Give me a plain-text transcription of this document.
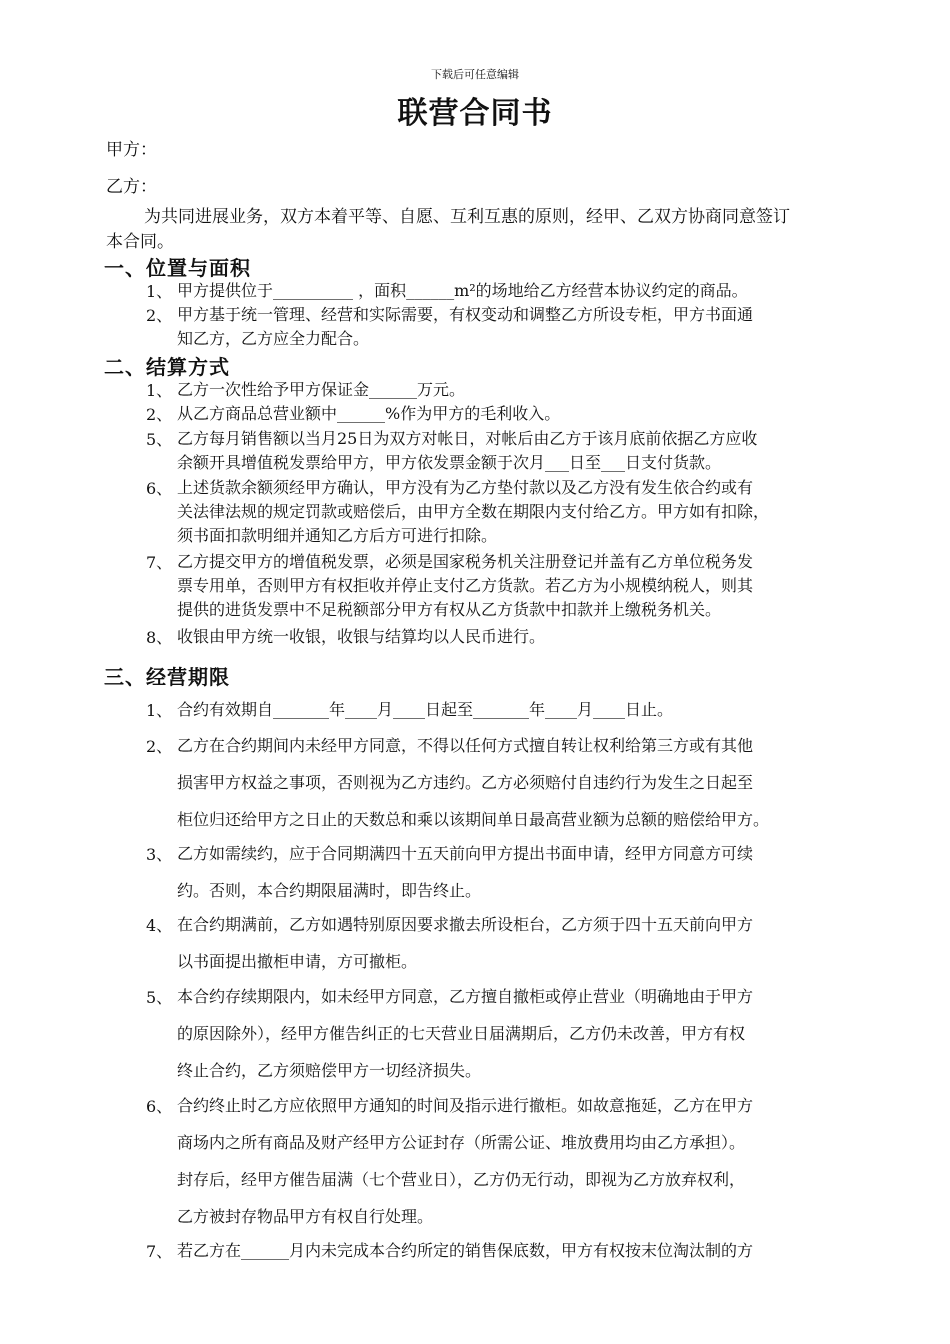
下载后可任意编辑
联营合同书
甲方：
乙方：
为共同进展业务，双方本着平等、自愿、互利互惠的原则，经甲、乙双方协商同意签订
本合同。
一、位置与面积
1、 甲方提供位于__________ ，面积______m²的场地给乙方经营本协议约定的商品。
2、 甲方基于统一管理、经营和实际需要，有权变动和调整乙方所设专柜，甲方书面通
知乙方，乙方应全力配合。
二、结算方式
1、 乙方一次性给予甲方保证金______万元。
2、 从乙方商品总营业额中______%作为甲方的毛利收入。
5、 乙方每月销售额以当月25日为双方对帐日，对帐后由乙方于该月底前依据乙方应收
余额开具增值税发票给甲方，甲方依发票金额于次月___日至___日支付货款。
6、 上述货款余额须经甲方确认，甲方没有为乙方垫付款以及乙方没有发生依合约或有
关法律法规的规定罚款或赔偿后，由甲方全数在期限内支付给乙方。甲方如有扣除，
须书面扣款明细并通知乙方后方可进行扣除。
7、 乙方提交甲方的增值税发票，必须是国家税务机关注册登记并盖有乙方单位税务发
票专用单，否则甲方有权拒收并停止支付乙方货款。若乙方为小规模纳税人，则其
提供的进货发票中不足税额部分甲方有权从乙方货款中扣款并上缴税务机关。
8、 收银由甲方统一收银，收银与结算均以人民币进行。
三、经营期限
1、 合约有效期自_______年____月____日起至_______年____月____日止。
2、 乙方在合约期间内未经甲方同意，不得以任何方式擅自转让权利给第三方或有其他
损害甲方权益之事项，否则视为乙方违约。乙方必须赔付自违约行为发生之日起至
柜位归还给甲方之日止的天数总和乘以该期间单日最高营业额为总额的赔偿给甲方。
3、 乙方如需续约，应于合同期满四十五天前向甲方提出书面申请，经甲方同意方可续
约。否则，本合约期限届满时，即告终止。
4、 在合约期满前，乙方如遇特别原因要求撤去所设柜台，乙方须于四十五天前向甲方
以书面提出撤柜申请，方可撤柜。
5、 本合约存续期限内，如未经甲方同意，乙方擅自撤柜或停止营业（明确地由于甲方
的原因除外），经甲方催告纠正的七天营业日届满期后，乙方仍未改善，甲方有权
终止合约，乙方须赔偿甲方一切经济损失。
6、 合约终止时乙方应依照甲方通知的时间及指示进行撤柜。如故意拖延，乙方在甲方
商场内之所有商品及财产经甲方公证封存（所需公证、堆放费用均由乙方承担）。
封存后，经甲方催告届满（七个营业日），乙方仍无行动，即视为乙方放弃权利，
乙方被封存物品甲方有权自行处理。
7、 若乙方在______月内未完成本合约所定的销售保底数，甲方有权按末位淘汰制的方
